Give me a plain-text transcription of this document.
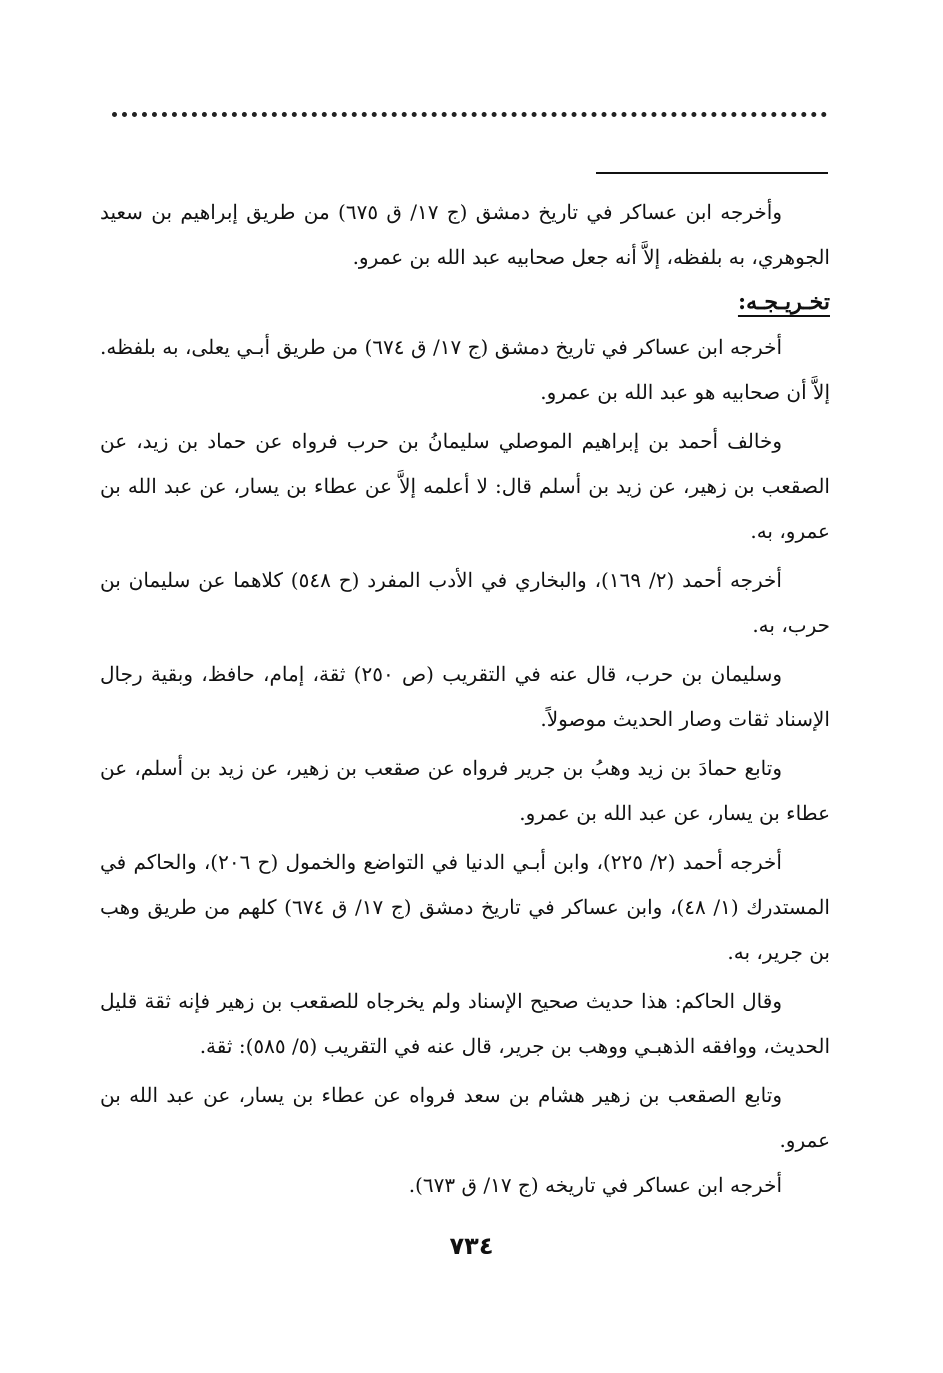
وأخرجه ابن عساكر في تاريخ دمشق (ج ١٧/ ق ٦٧٥) من طريق إبراهيم بن سعيد الجوهري، به بلفظه، إلاَّ أنه جعل صحابيه عبد الله بن عمرو.

تخـريـجـه:

أخرجه ابن عساكر في تاريخ دمشق (ج ١٧/ ق ٦٧٤) من طريق أبـي يعلى، به بلفظه. إلاَّ أن صحابيه هو عبد الله بن عمرو.

وخالف أحمد بن إبراهيم الموصلي سليمانُ بن حرب فرواه عن حماد بن زيد، عن الصقعب بن زهير، عن زيد بن أسلم قال: لا أعلمه إلاَّ عن عطاء بن يسار، عن عبد الله بن عمرو، به.

أخرجه أحمد (٢/ ١٦٩)، والبخاري في الأدب المفرد (ح ٥٤٨) كلاهما عن سليمان بن حرب، به.

وسليمان بن حرب، قال عنه في التقريب (ص ٢٥٠) ثقة، إمام، حافظ، وبقية رجال الإسناد ثقات وصار الحديث موصولاً.

وتابع حمادَ بن زيد وهبُ بن جرير فرواه عن صقعب بن زهير، عن زيد بن أسلم، عن عطاء بن يسار، عن عبد الله بن عمرو.

أخرجه أحمد (٢/ ٢٢٥)، وابن أبـي الدنيا في التواضع والخمول (ح ٢٠٦)، والحاكم في المستدرك (١/ ٤٨)، وابن عساكر في تاريخ دمشق (ج ١٧/ ق ٦٧٤) كلهم من طريق وهب بن جرير، به.

وقال الحاكم: هذا حديث صحيح الإسناد ولم يخرجاه للصقعب بن زهير فإنه ثقة قليل الحديث، ووافقه الذهبـي ووهب بن جرير، قال عنه في التقريب (٥/ ٥٨٥): ثقة.

وتابع الصقعب بن زهير هشام بن سعد فرواه عن عطاء بن يسار، عن عبد الله بن عمرو.

أخرجه ابن عساكر في تاريخه (ج ١٧/ ق ٦٧٣).

٧٣٤
